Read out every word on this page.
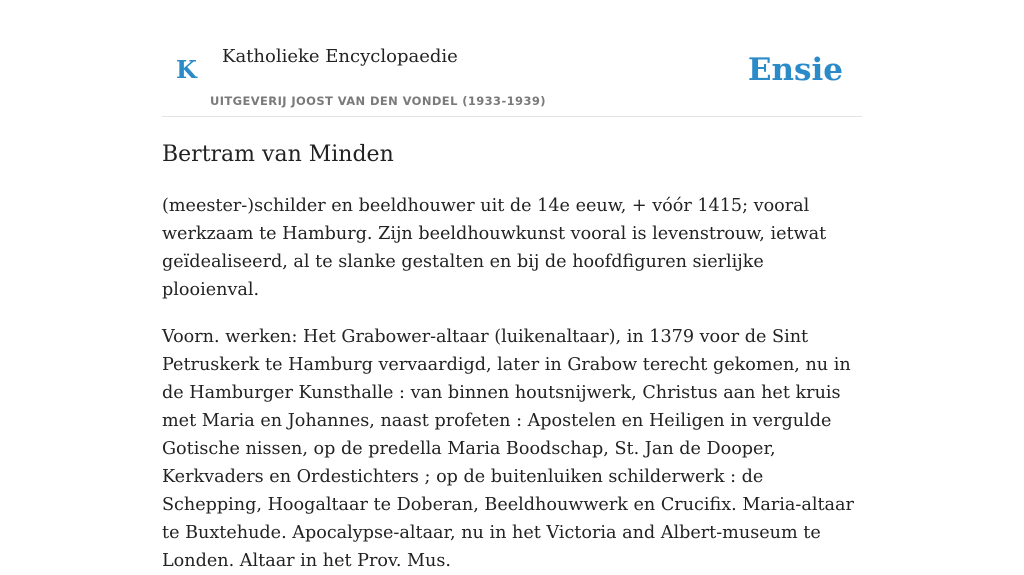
K Katholieke Encyclopaedie
UITGEVERIJ JOOST VAN DEN VONDEL (1933-1939)
Ensie
Bertram van Minden

(meester-)schilder en beeldhouwer uit de 14e eeuw, + vóór 1415; vooral werkzaam te Hamburg. Zijn beeldhouwkunst vooral is levenstrouw, ietwat geïdealiseerd, al te slanke gestalten en bij de hoofdfiguren sierlijke plooienval.

Voorn. werken: Het Grabower-altaar (luikenaltaar), in 1379 voor de Sint Petruskerk te Hamburg vervaardigd, later in Grabow terecht gekomen, nu in de Hamburger Kunsthalle : van binnen houtsnijwerk, Christus aan het kruis met Maria en Johannes, naast profeten : Apostelen en Heiligen in vergulde Gotische nissen, op de predella Maria Boodschap, St. Jan de Dooper, Kerkvaders en Ordestichters ; op de buitenluiken schilderwerk : de Schepping, Hoogaltaar te Doberan, Beeldhouwwerk en Crucifix. Maria-altaar te Buxtehude. Apocalypse-altaar, nu in het Victoria and Albert-museum te Londen. Altaar in het Prov. Mus.
